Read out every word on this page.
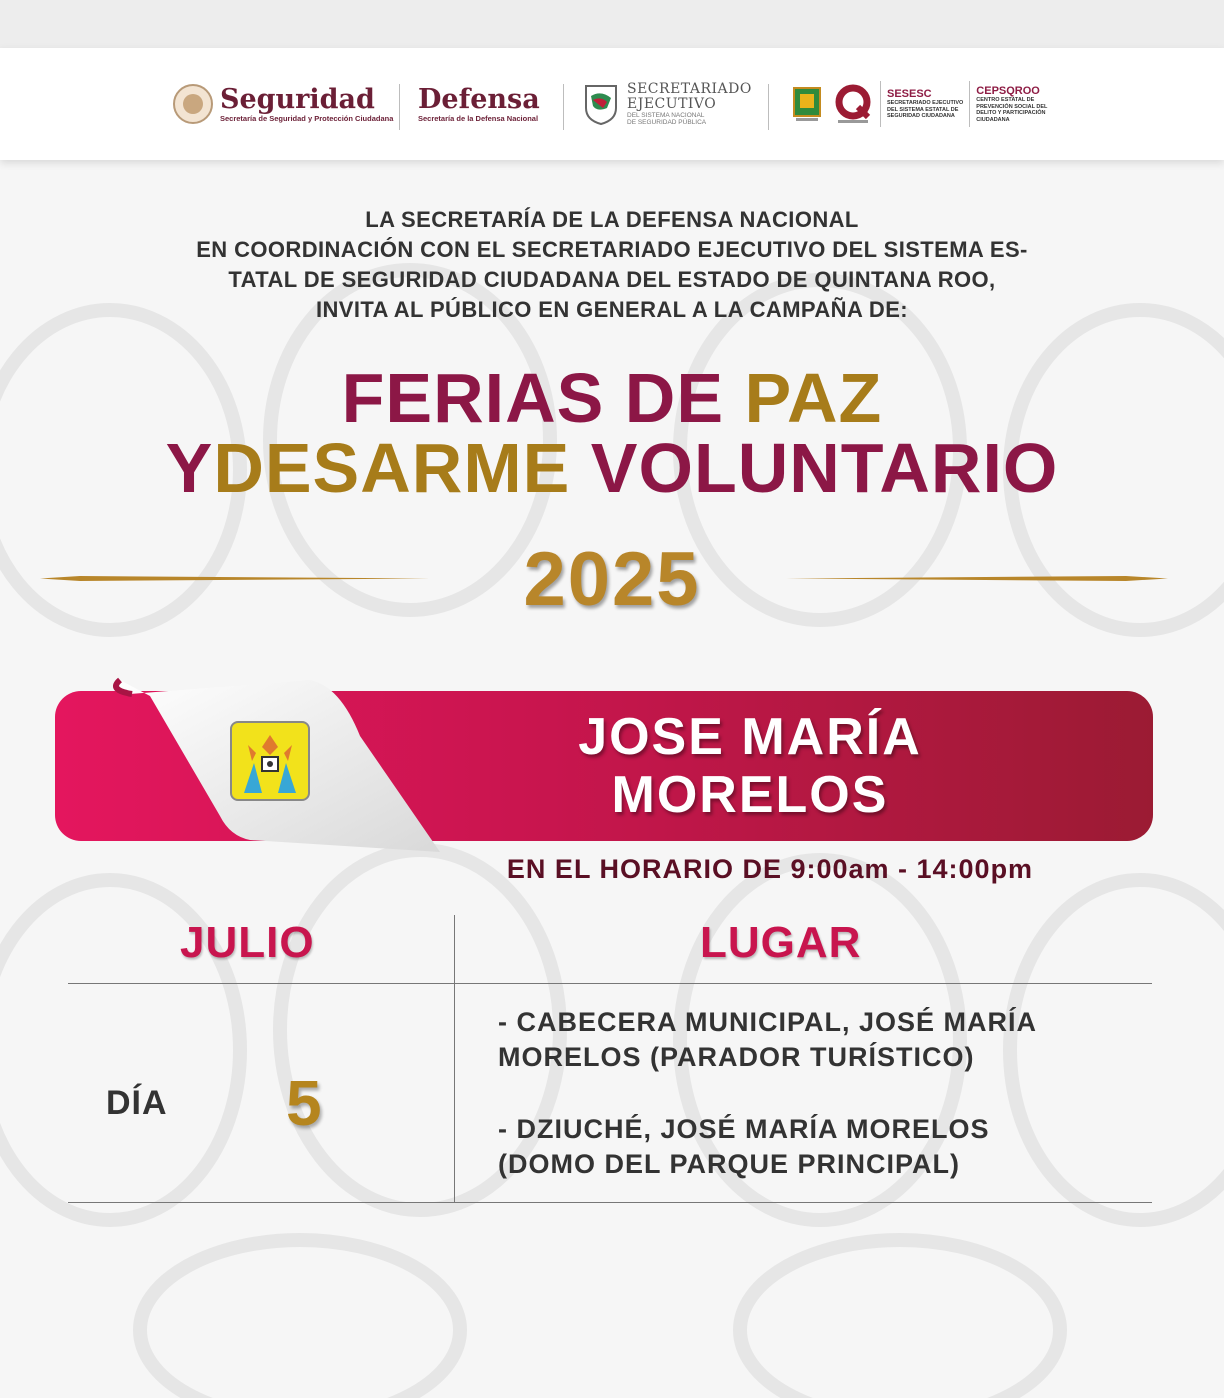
Seguridad
Secretaría de Seguridad y Protección Ciudadana
Defensa
Secretaría de la Defensa Nacional
SECRETARIADO
EJECUTIVO
DEL SISTEMA NACIONAL
DE SEGURIDAD PÚBLICA
SESESC
SECRETARIADO EJECUTIVO
DEL SISTEMA ESTATAL DE
SEGURIDAD CIUDADANA
CEPSQROO
CENTRO ESTATAL DE
PREVENCIÓN SOCIAL DEL
DELITO Y PARTICIPACIÓN
CIUDADANA
LA SECRETARÍA DE LA DEFENSA NACIONAL
EN COORDINACIÓN CON EL SECRETARIADO EJECUTIVO DEL SISTEMA ES-
TATAL DE SEGURIDAD CIUDADANA DEL ESTADO DE QUINTANA ROO,
INVITA AL PÚBLICO EN GENERAL A LA CAMPAÑA DE:
FERIAS DE PAZ
YDESARME VOLUNTARIO
2025
JOSE MARÍA
MORELOS
EN EL HORARIO DE 9:00am - 14:00pm
JULIO	LUGAR
DÍA 5
- CABECERA MUNICIPAL, JOSÉ MARÍA
MORELOS (PARADOR TURÍSTICO)
- DZIUCHÉ, JOSÉ MARÍA MORELOS
(DOMO DEL PARQUE PRINCIPAL)
